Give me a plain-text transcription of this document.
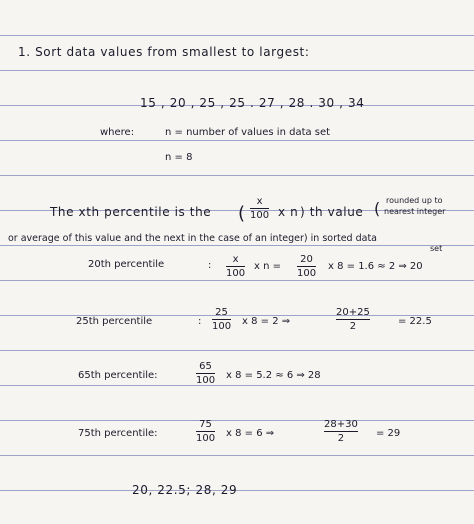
1. Sort data values from smallest to largest:
15 , 20 , 25 , 25 . 27 , 28 . 30 , 34
where:	n = number of values in data set
n = 8
The xth percentile is the (
x
100 x n ) th value ( rounded up to
nearest integer
or average of this value and the next in the case of an integer) in sorted data
set
20th percentile	:
x
100
x n =
20
100
x 8 = 1.6 ≈ 2 ⇒ 20
25th percentile	:
25
100 x 8 = 2 ⇒
20+25
2	= 22.5
65th percentile:
65
100 x 8 = 5.2 ≈ 6 ⇒ 28
75th percentile:
75
100 x 8 = 6 ⇒
28+30
2	= 29
20, 22.5; 28, 29
